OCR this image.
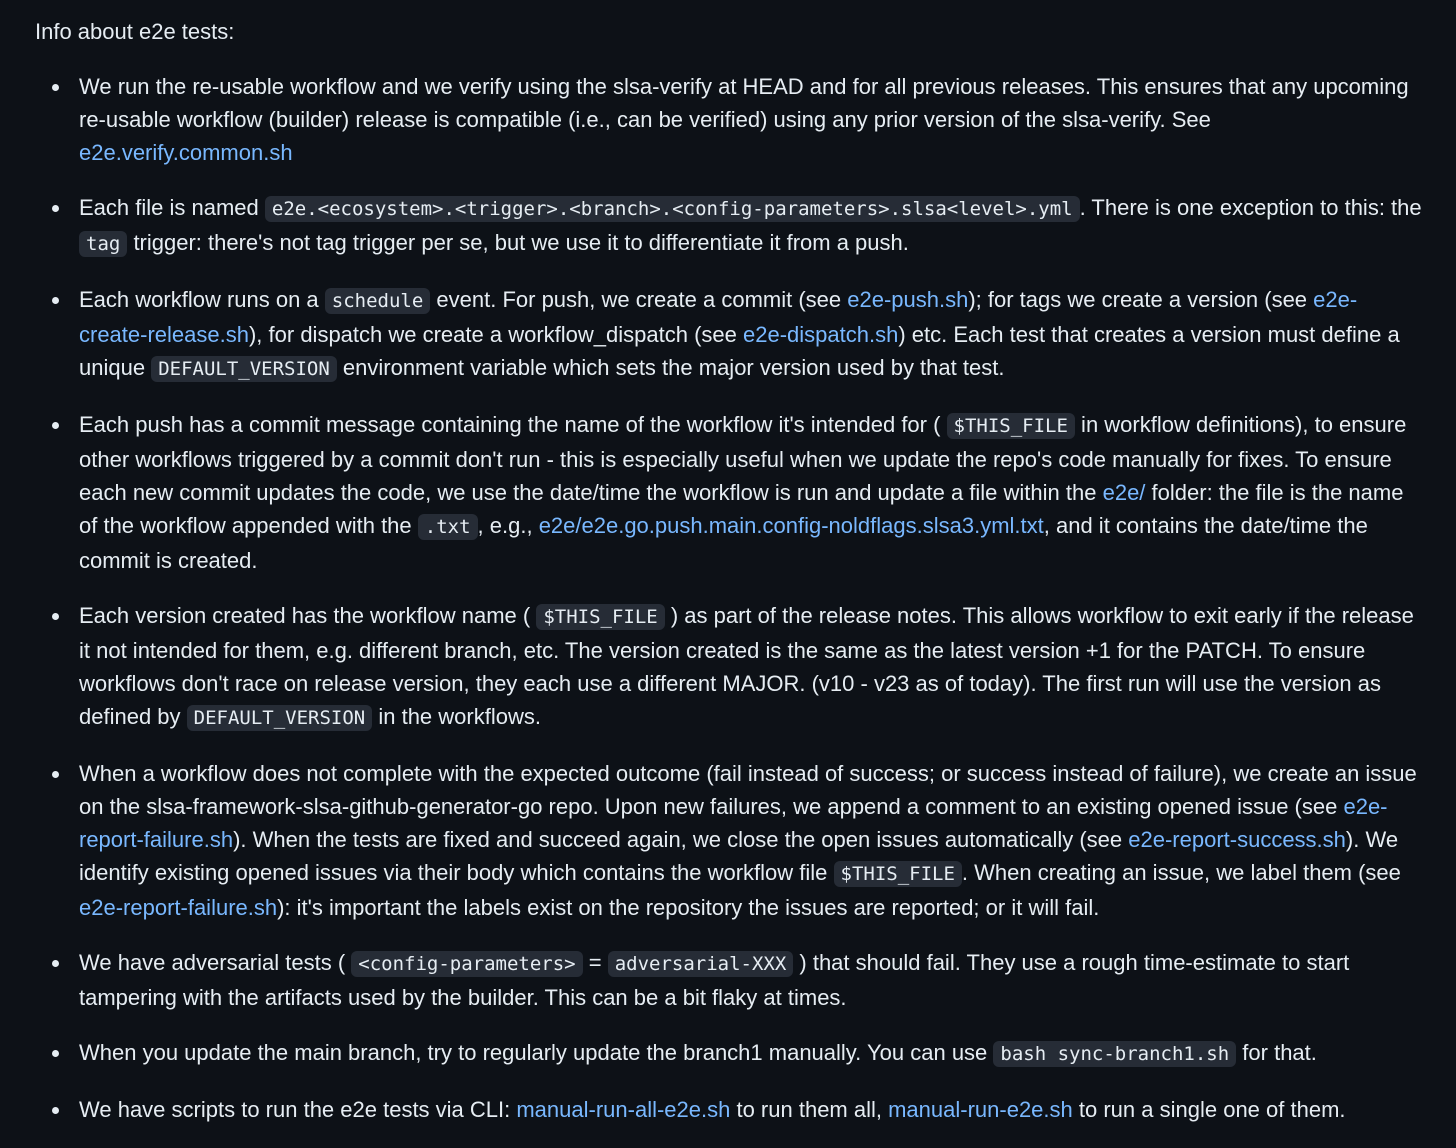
Info about e2e tests:

We run the re-usable workflow and we verify using the slsa-verify at HEAD and for all previous releases. This ensures that any upcoming re-usable workflow (builder) release is compatible (i.e., can be verified) using any prior version of the slsa-verify. See e2e.verify.common.sh
Each file is named e2e.<ecosystem>.<trigger>.<branch>.<config-parameters>.slsa<level>.yml . There is one exception to this: the tag trigger: there's not tag trigger per se, but we use it to differentiate it from a push.
Each workflow runs on a schedule event. For push, we create a commit (see e2e-push.sh); for tags we create a version (see e2e-create-release.sh), for dispatch we create a workflow_dispatch (see e2e-dispatch.sh) etc. Each test that creates a version must define a unique DEFAULT_VERSION environment variable which sets the major version used by that test.
Each push has a commit message containing the name of the workflow it's intended for ( $THIS_FILE in workflow definitions), to ensure other workflows triggered by a commit don't run - this is especially useful when we update the repo's code manually for fixes. To ensure each new commit updates the code, we use the date/time the workflow is run and update a file within the e2e/ folder: the file is the name of the workflow appended with the .txt , e.g., e2e/e2e.go.push.main.config-noldflags.slsa3.yml.txt, and it contains the date/time the commit is created.
Each version created has the workflow name ( $THIS_FILE ) as part of the release notes. This allows workflow to exit early if the release it not intended for them, e.g. different branch, etc. The version created is the same as the latest version +1 for the PATCH. To ensure workflows don't race on release version, they each use a different MAJOR. (v10 - v23 as of today). The first run will use the version as defined by DEFAULT_VERSION in the workflows.
When a workflow does not complete with the expected outcome (fail instead of success; or success instead of failure), we create an issue on the slsa-framework-slsa-github-generator-go repo. Upon new failures, we append a comment to an existing opened issue (see e2e-report-failure.sh). When the tests are fixed and succeed again, we close the open issues automatically (see e2e-report-success.sh). We identify existing opened issues via their body which contains the workflow file $THIS_FILE . When creating an issue, we label them (see e2e-report-failure.sh): it's important the labels exist on the repository the issues are reported; or it will fail.
We have adversarial tests ( <config-parameters> = adversarial-XXX ) that should fail. They use a rough time-estimate to start tampering with the artifacts used by the builder. This can be a bit flaky at times.
When you update the main branch, try to regularly update the branch1 manually. You can use bash sync-branch1.sh for that.
We have scripts to run the e2e tests via CLI: manual-run-all-e2e.sh to run them all, manual-run-e2e.sh to run a single one of them.
